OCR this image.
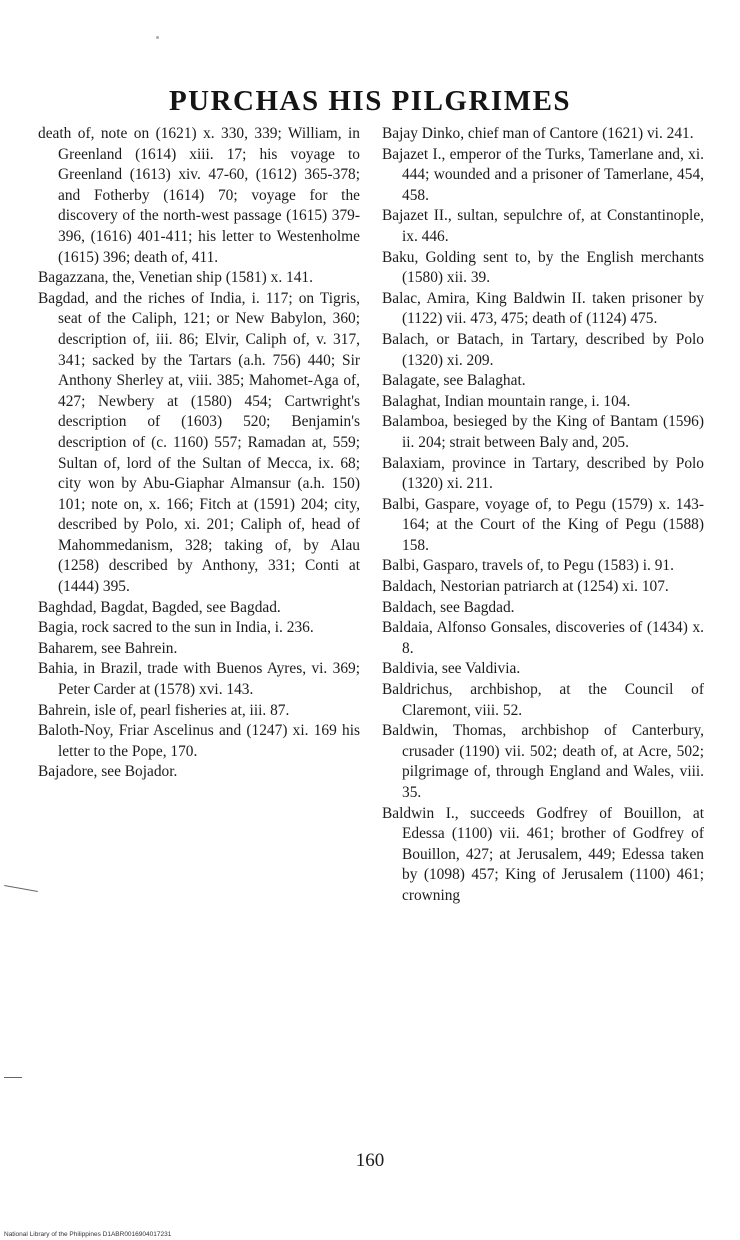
PURCHAS HIS PILGRIMES

death of, note on (1621) x. 330, 339; William, in Greenland (1614) xiii. 17; his voyage to Greenland (1613) xiv. 47-60, (1612) 365-378; and Fotherby (1614) 70; voyage for the discovery of the north-west passage (1615) 379-396, (1616) 401-411; his letter to Westenholme (1615) 396; death of, 411.

Bagazzana, the, Venetian ship (1581) x. 141.

Bagdad, and the riches of India, i. 117; on Tigris, seat of the Caliph, 121; or New Babylon, 360; description of, iii. 86; Elvir, Caliph of, v. 317, 341; sacked by the Tartars (a.h. 756) 440; Sir Anthony Sherley at, viii. 385; Mahomet-Aga of, 427; Newbery at (1580) 454; Cartwright's description of (1603) 520; Benjamin's description of (c. 1160) 557; Ramadan at, 559; Sultan of, lord of the Sultan of Mecca, ix. 68; city won by Abu-Giaphar Almansur (a.h. 150) 101; note on, x. 166; Fitch at (1591) 204; city, described by Polo, xi. 201; Caliph of, head of Mahommedanism, 328; taking of, by Alau (1258) described by Anthony, 331; Conti at (1444) 395.

Baghdad, Bagdat, Bagded, see Bagdad.

Bagia, rock sacred to the sun in India, i. 236.

Baharem, see Bahrein.

Bahia, in Brazil, trade with Buenos Ayres, vi. 369; Peter Carder at (1578) xvi. 143.

Bahrein, isle of, pearl fisheries at, iii. 87.

Baloth-Noy, Friar Ascelinus and (1247) xi. 169 his letter to the Pope, 170.

Bajadore, see Bojador.

Bajay Dinko, chief man of Cantore (1621) vi. 241.

Bajazet I., emperor of the Turks, Tamerlane and, xi. 444; wounded and a prisoner of Tamerlane, 454, 458.

Bajazet II., sultan, sepulchre of, at Constantinople, ix. 446.

Baku, Golding sent to, by the English merchants (1580) xii. 39.

Balac, Amira, King Baldwin II. taken prisoner by (1122) vii. 473, 475; death of (1124) 475.

Balach, or Batach, in Tartary, described by Polo (1320) xi. 209.

Balagate, see Balaghat.

Balaghat, Indian mountain range, i. 104.

Balamboa, besieged by the King of Bantam (1596) ii. 204; strait between Baly and, 205.

Balaxiam, province in Tartary, described by Polo (1320) xi. 211.

Balbi, Gaspare, voyage of, to Pegu (1579) x. 143-164; at the Court of the King of Pegu (1588) 158.

Balbi, Gasparo, travels of, to Pegu (1583) i. 91.

Baldach, Nestorian patriarch at (1254) xi. 107.

Baldach, see Bagdad.

Baldaia, Alfonso Gonsales, discoveries of (1434) x. 8.

Baldivia, see Valdivia.

Baldrichus, archbishop, at the Council of Claremont, viii. 52.

Baldwin, Thomas, archbishop of Canterbury, crusader (1190) vii. 502; death of, at Acre, 502; pilgrimage of, through England and Wales, viii. 35.

Baldwin I., succeeds Godfrey of Bouillon, at Edessa (1100) vii. 461; brother of Godfrey of Bouillon, 427; at Jerusalem, 449; Edessa taken by (1098) 457; King of Jerusalem (1100) 461; crowning

160
National Library of the Philippines D1ABR0016904017231
